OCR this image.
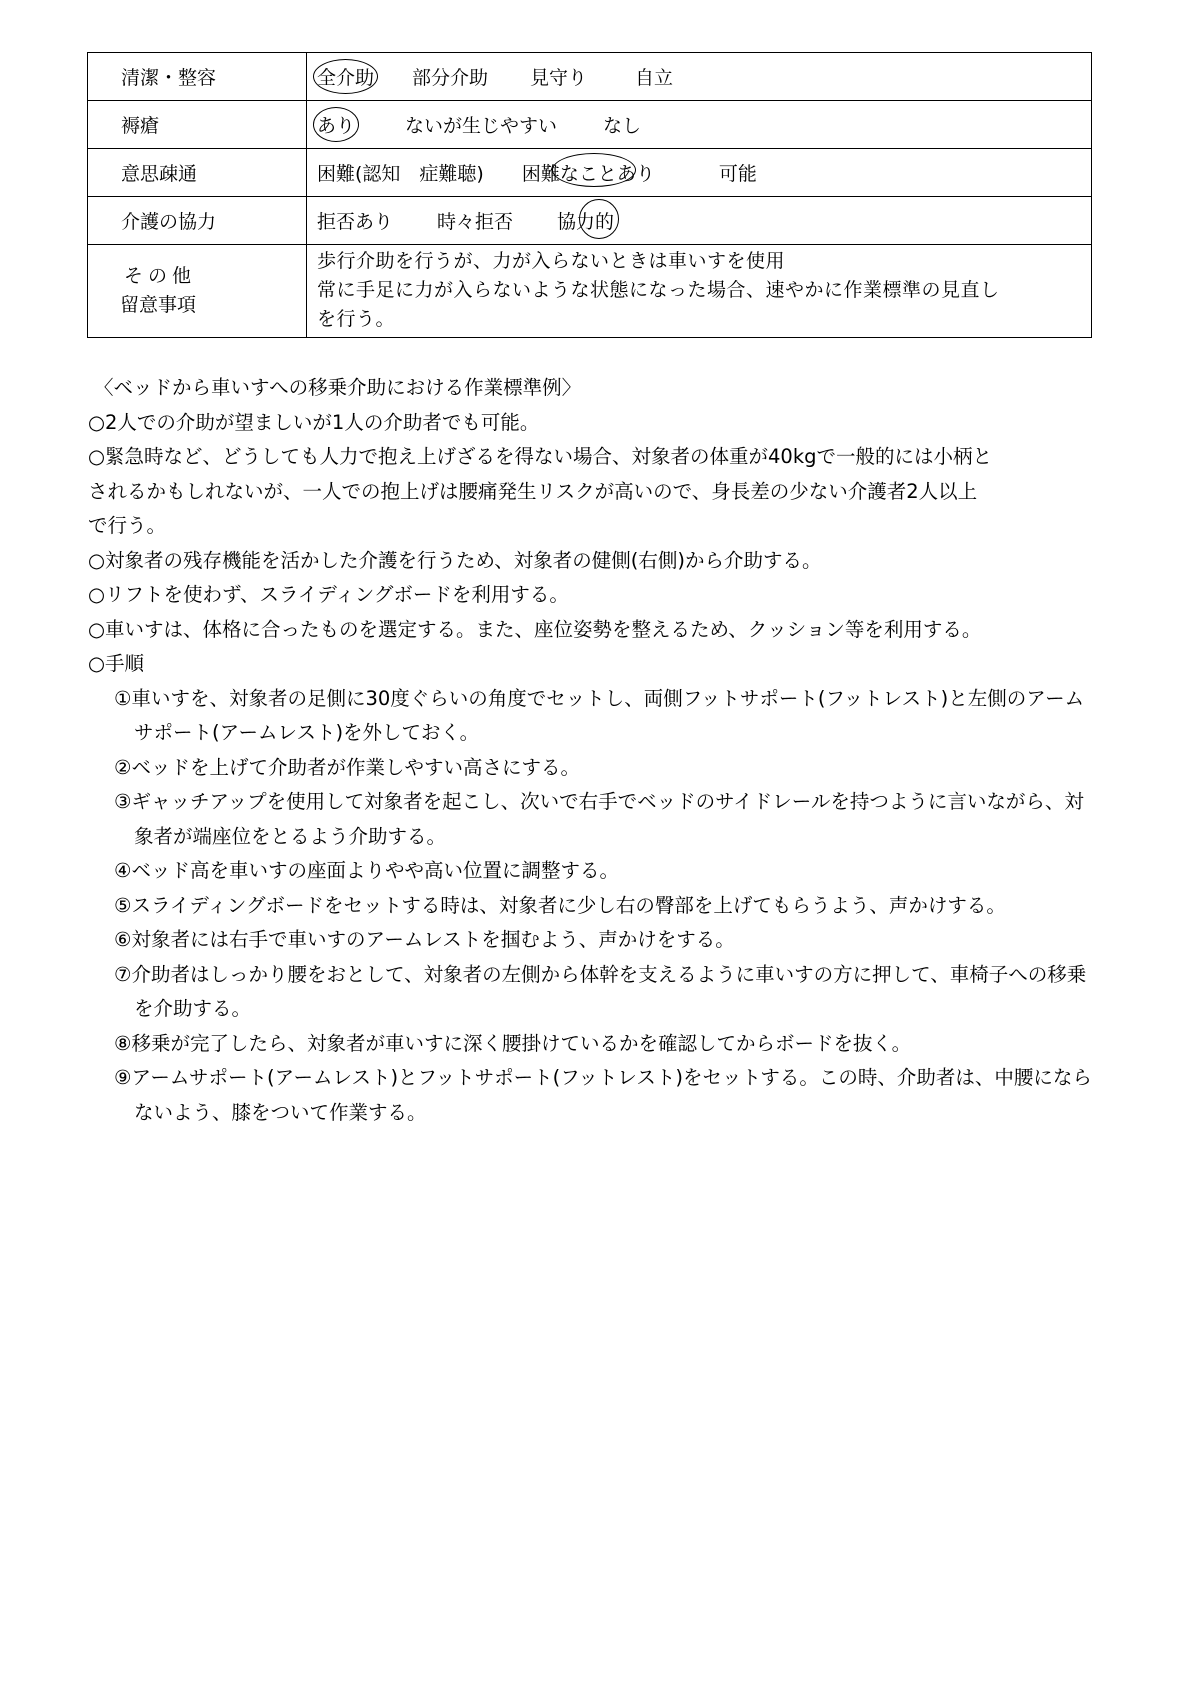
清潔・整容	全介助 部分介助 見守り 自立
褥瘡	あり ないが生じやすい なし
意思疎通	困難(認知　症難聴) 困難なことあり 可能
介護の協力	拒否あり 時々拒否 協力的

その他
留意事項	歩行介助を行うが、力が入らないときは車いすを使用
常に手足に力が入らないような状態になった場合、速やかに作業標準の見直し
を行う。

〈ベッドから車いすへの移乗介助における作業標準例〉

○2人での介助が望ましいが1人の介助者でも可能。

○緊急時など、どうしても人力で抱え上げざるを得ない場合、対象者の体重が40kgで一般的には小柄と

されるかもしれないが、一人での抱上げは腰痛発生リスクが高いので、身長差の少ない介護者2人以上

で行う。

○対象者の残存機能を活かした介護を行うため、対象者の健側(右側)から介助する。

○リフトを使わず、スライディングボードを利用する。

○車いすは、体格に合ったものを選定する。また、座位姿勢を整えるため、クッション等を利用する。

○手順

①車いすを、対象者の足側に30度ぐらいの角度でセットし、両側フットサポート(フットレスト)と左側のアームサポート(アームレスト)を外しておく。

②ベッドを上げて介助者が作業しやすい高さにする。

③ギャッチアップを使用して対象者を起こし、次いで右手でベッドのサイドレールを持つように言いながら、対象者が端座位をとるよう介助する。

④ベッド高を車いすの座面よりやや高い位置に調整する。

⑤スライディングボードをセットする時は、対象者に少し右の臀部を上げてもらうよう、声かけする。

⑥対象者には右手で車いすのアームレストを掴むよう、声かけをする。

⑦介助者はしっかり腰をおとして、対象者の左側から体幹を支えるように車いすの方に押して、車椅子への移乗を介助する。

⑧移乗が完了したら、対象者が車いすに深く腰掛けているかを確認してからボードを抜く。

⑨アームサポート(アームレスト)とフットサポート(フットレスト)をセットする。この時、介助者は、中腰にならないよう、膝をついて作業する。
